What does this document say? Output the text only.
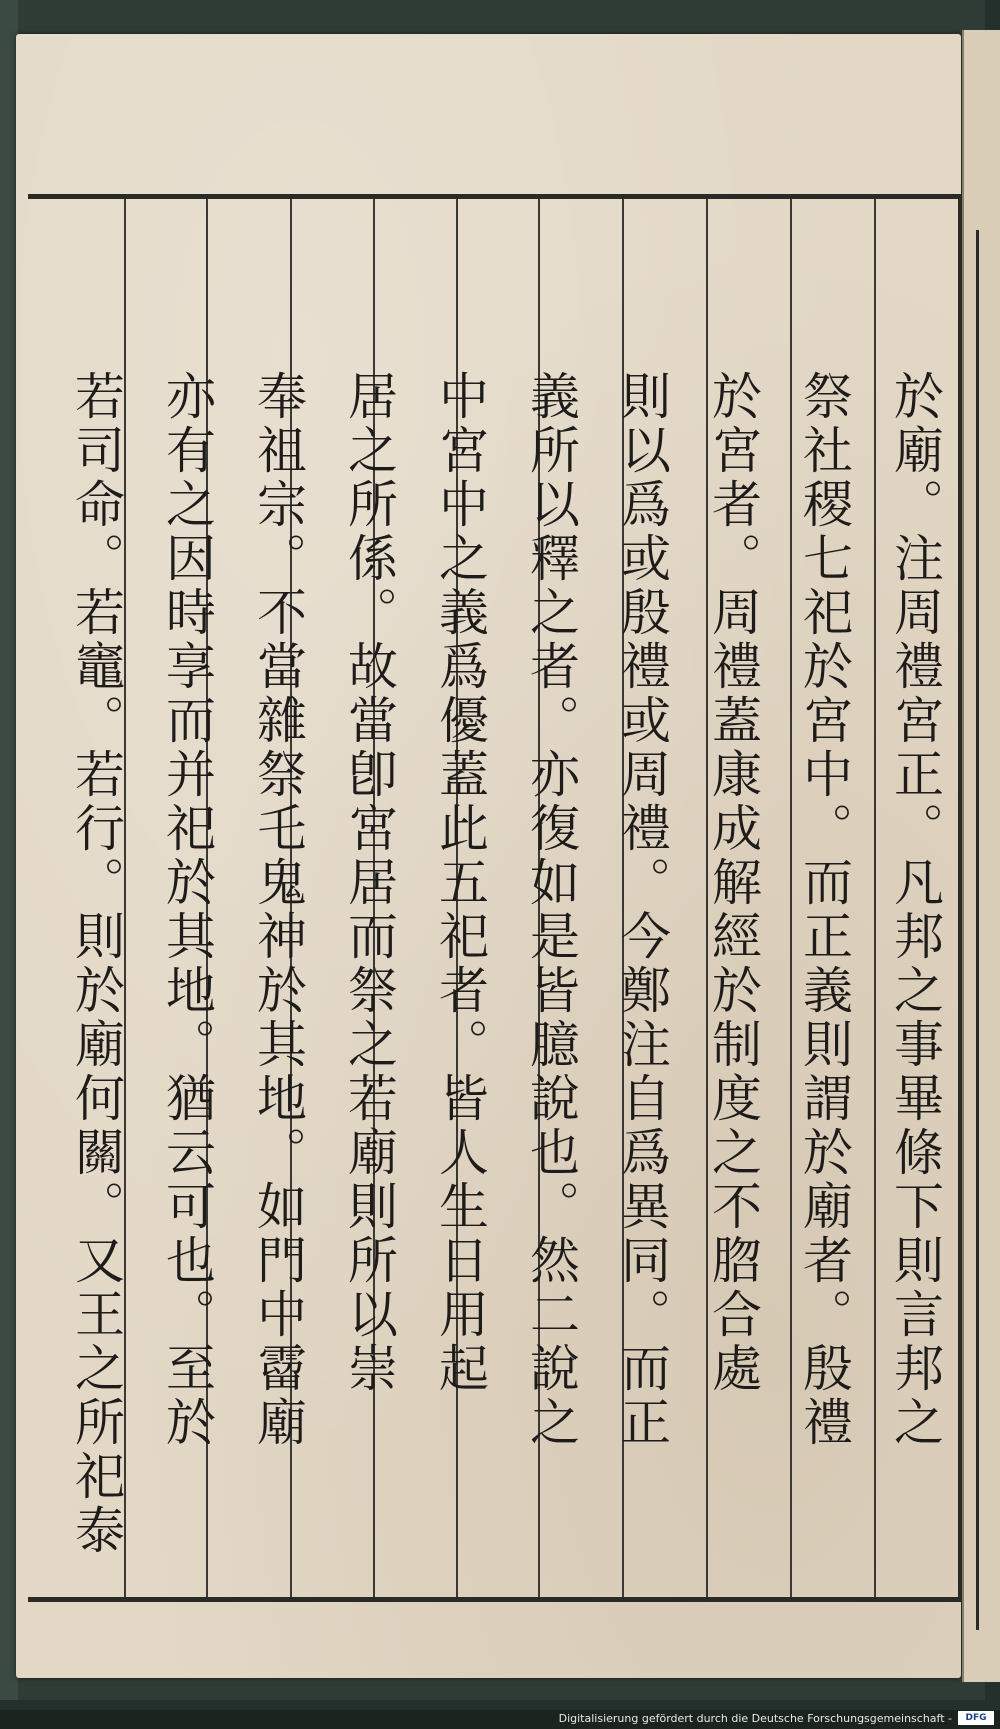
於廟。注周禮宮正。凡邦之事畢條下則言邦之
祭社稷七祀於宮中。而正義則謂於廟者。殷禮
於宮者。周禮蓋康成解經於制度之不脗合處
則以爲或殷禮或周禮。今鄭注自爲異同。而正
義所以釋之者。亦復如是皆臆說也。然二說之
中宮中之義爲優蓋此五祀者。皆人生日用起
居之所係。故當卽宮居而祭之若廟則所以崇
奉祖宗。不當雜祭乇鬼神於其地。如門中霤廟
亦有之因時享而并祀於其地。猶云可也。至於
若司命。若竈。若行。則於廟何關。又王之所祀泰
Digitalisierung gefördert durch die Deutsche Forschungsgemeinschaft -	DFG
